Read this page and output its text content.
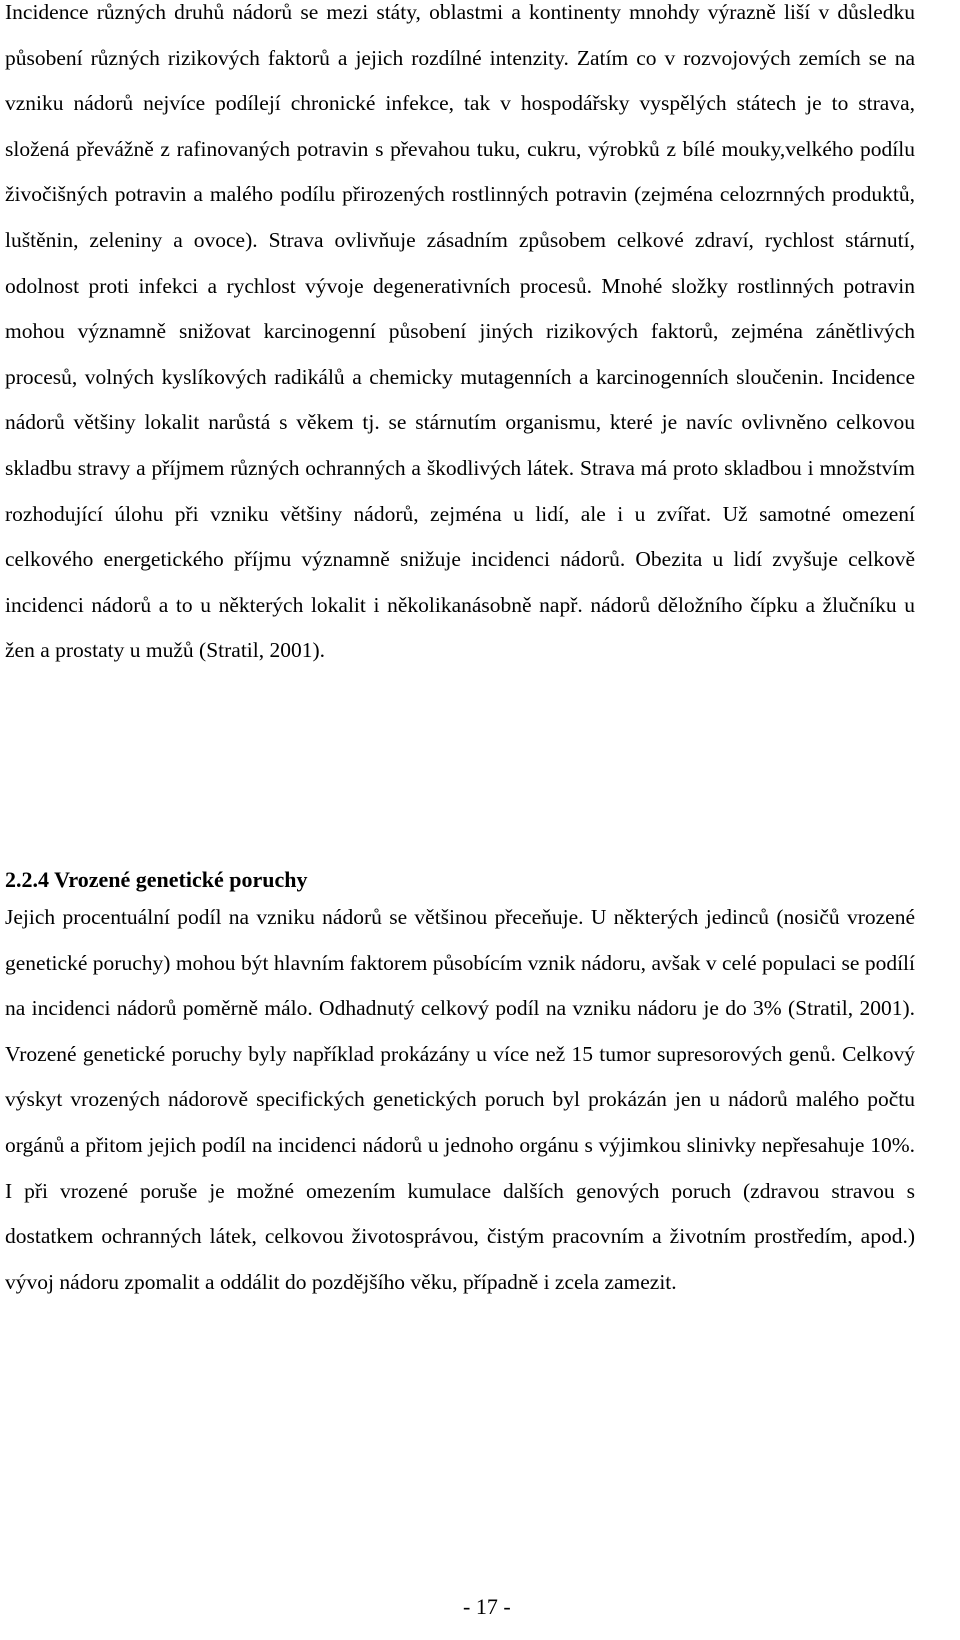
Incidence různých druhů nádorů se mezi státy, oblastmi a kontinenty mnohdy výrazně liší v důsledku působení různých rizikových faktorů a jejich rozdílné intenzity. Zatím co v rozvojových zemích se na vzniku nádorů nejvíce podílejí chronické infekce, tak v hospodářsky vyspělých státech je to strava, složená převážně z rafinovaných potravin s převahou tuku, cukru, výrobků z bílé mouky,velkého podílu živočišných potravin a malého podílu přirozených rostlinných potravin (zejména celozrnných produktů, luštěnin, zeleniny a ovoce). Strava ovlivňuje zásadním způsobem celkové zdraví, rychlost stárnutí, odolnost proti infekci a rychlost vývoje degenerativních procesů. Mnohé složky rostlinných potravin mohou významně snižovat karcinogenní působení jiných rizikových faktorů, zejména zánětlivých procesů, volných kyslíkových radikálů a chemicky mutagenních a karcinogenních sloučenin. Incidence nádorů většiny lokalit narůstá s věkem tj. se stárnutím organismu, které je navíc ovlivněno celkovou skladbu stravy a příjmem různých ochranných a škodlivých látek. Strava má proto skladbou i množstvím rozhodující úlohu při vzniku většiny nádorů, zejména u lidí, ale i u zvířat. Už samotné omezení celkového energetického příjmu významně snižuje incidenci nádorů. Obezita u lidí zvyšuje celkově incidenci nádorů a to u některých lokalit i několikanásobně např. nádorů děložního čípku a žlučníku u žen a prostaty u mužů (Stratil, 2001).

2.2.4 Vrozené genetické poruchy

Jejich procentuální podíl na vzniku nádorů se většinou přeceňuje. U některých jedinců (nosičů vrozené genetické poruchy) mohou být hlavním faktorem působícím vznik nádoru, avšak v celé populaci se podílí na incidenci nádorů poměrně málo. Odhadnutý celkový podíl na vzniku nádoru je do 3% (Stratil, 2001). Vrozené genetické poruchy byly například prokázány u více než 15 tumor supresorových genů. Celkový výskyt vrozených nádorově specifických genetických poruch byl prokázán jen u nádorů malého počtu orgánů a přitom jejich podíl na incidenci nádorů u jednoho orgánu s výjimkou slinivky nepřesahuje 10%. I při vrozené poruše je možné omezením kumulace dalších genových poruch (zdravou stravou s dostatkem ochranných látek, celkovou životosprávou, čistým pracovním a životním prostředím, apod.) vývoj nádoru zpomalit a oddálit do pozdějšího věku, případně i zcela zamezit.

- 17 -
